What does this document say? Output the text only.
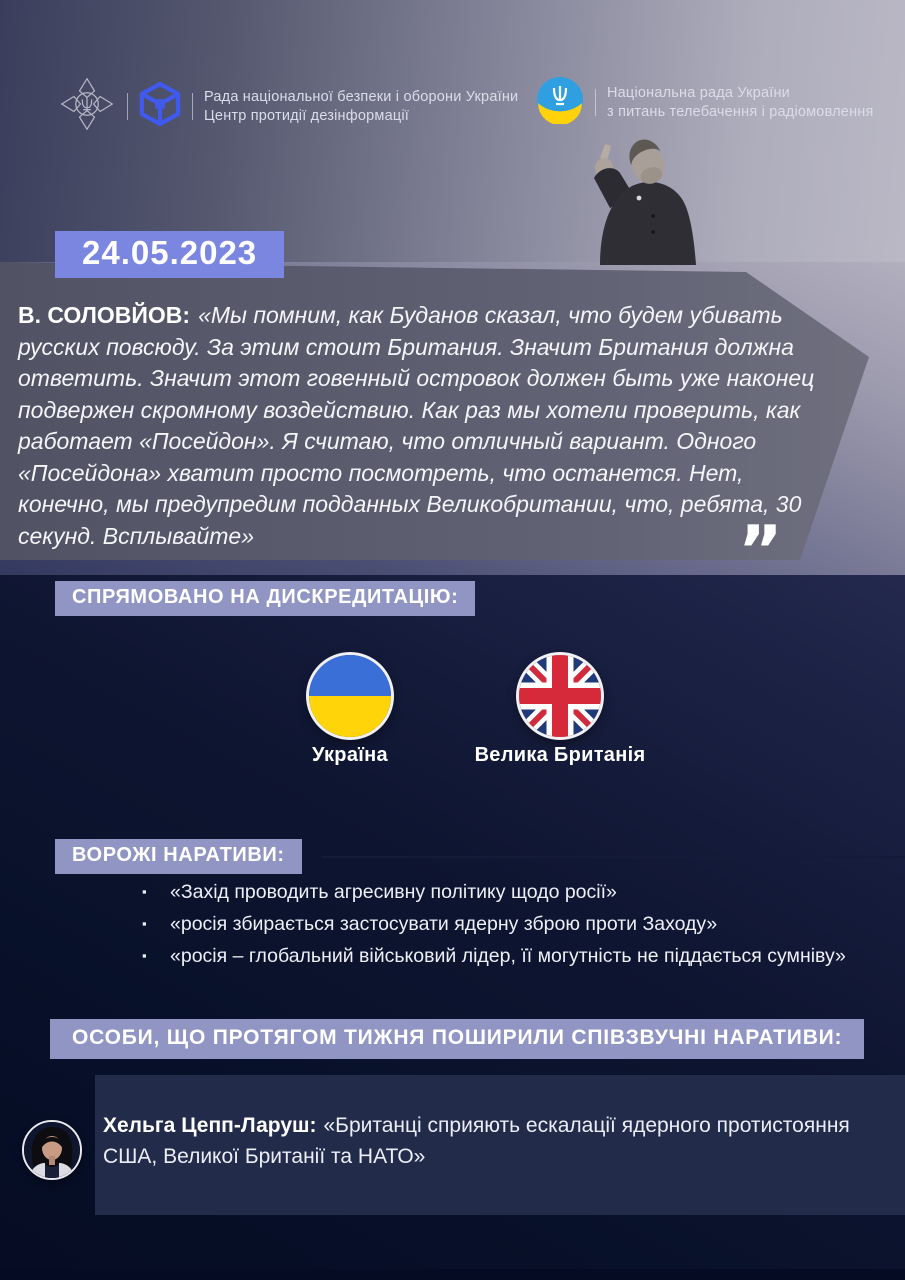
Рада національної безпеки і оборони України
Центр протидії дезінформації
Національна рада України
з питань телебачення і радіомовлення
24.05.2023
В. СОЛОВЙОВ: «Мы помним, как Буданов сказал, что будем убивать русских повсюду. За этим стоит Британия. Значит Британия должна ответить. Значит этот говенный островок должен быть уже наконец подвержен скромному воздействию. Как раз мы хотели проверить, как работает «Посейдон». Я считаю, что отличный вариант. Одного «Посейдона» хватит просто посмотреть, что останется. Нет, конечно, мы предупредим подданных Великобритании, что, ребята, 30 секунд. Всплывайте»	”
СПРЯМОВАНО НА ДИСКРЕДИТАЦІЮ:
Україна	Велика Британія
ВОРОЖІ НАРАТИВИ:
▪ «Захід проводить агресивну політику щодо росії»
▪ «росія збирається застосувати ядерну зброю проти Заходу»
▪ «росія – глобальний військовий лідер, її могутність не піддається сумніву»
ОСОБИ, ЩО ПРОТЯГОМ ТИЖНЯ ПОШИРИЛИ СПІВЗВУЧНІ НАРАТИВИ:
Хельга Цепп-Ларуш: «Британці сприяють ескалації ядерного протистояння США, Великої Британії та НАТО»
